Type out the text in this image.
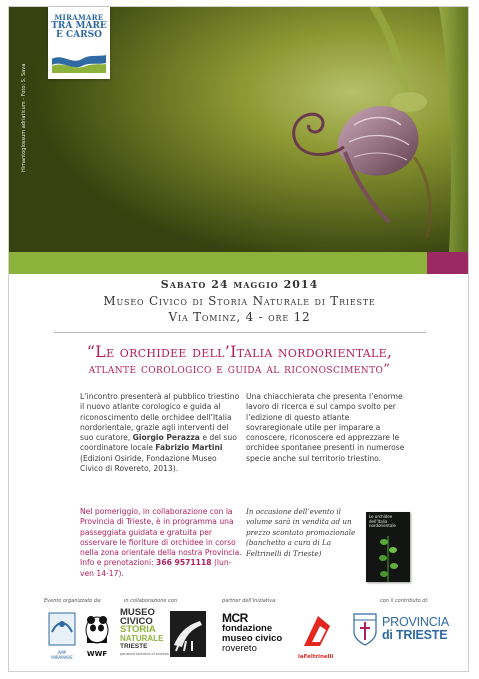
Himantoglossum adriaticum - Foto: S. Sava
MIRAMARE
TRA MARE
E CARSO
Sabato 24 maggio 2014
Museo Civico di Storia Naturale di Trieste
Via Tominz, 4 - ore 12
“Le orchidee dell’Italia nordorientale,
atlante corologico e guida al riconoscimento”

L’incontro presenterà al pubblico triestino il nuovo atlante corologico e guida al riconoscimento delle orchidee dell’Italia nordorientale, grazie agli interventi del suo curatore, Giorgio Perazza e del suo coordinatore locale Fabrizio Martini (Edizioni Osiride, Fondazione Museo Civico di Rovereto, 2013).

Una chiacchierata che presenta l’enorme lavoro di ricerca e sul campo svolto per l’edizione di questo atlante sovraregionale utile per imparare a conoscere, riconoscere ed apprezzare le orchidee spontanee presenti in numerose specie anche sul territorio triestino.

Nel pomeriggio, in collaborazione con la Provincia di Trieste, è in programma una passeggiata guidata e gratuita per osservare le fioriture di orchidee in corso nella zona orientale della nostra Provincia. Info e prenotazioni: 366 9571118 (lun-ven 14-17).

In occasione dell’evento il volume sarà in vendita ad un prezzo scontato promozionale (banchetto a cura di La Feltrinelli di Trieste)

Le orchidee dell’Italia nordorientale
Evento organizzato da:	in collaborazione con	partner dell’iniziativa:	con il contributo di:
AMP MIRAMARE	WWF
MUSEO
CIVICO
STORIA
NATURALE
TRIESTE
pensiero tellurico di scienza
MCR
fondazione
museo civico
rovereto
laFeltrinelli
PROVINCIA
di TRIESTE
